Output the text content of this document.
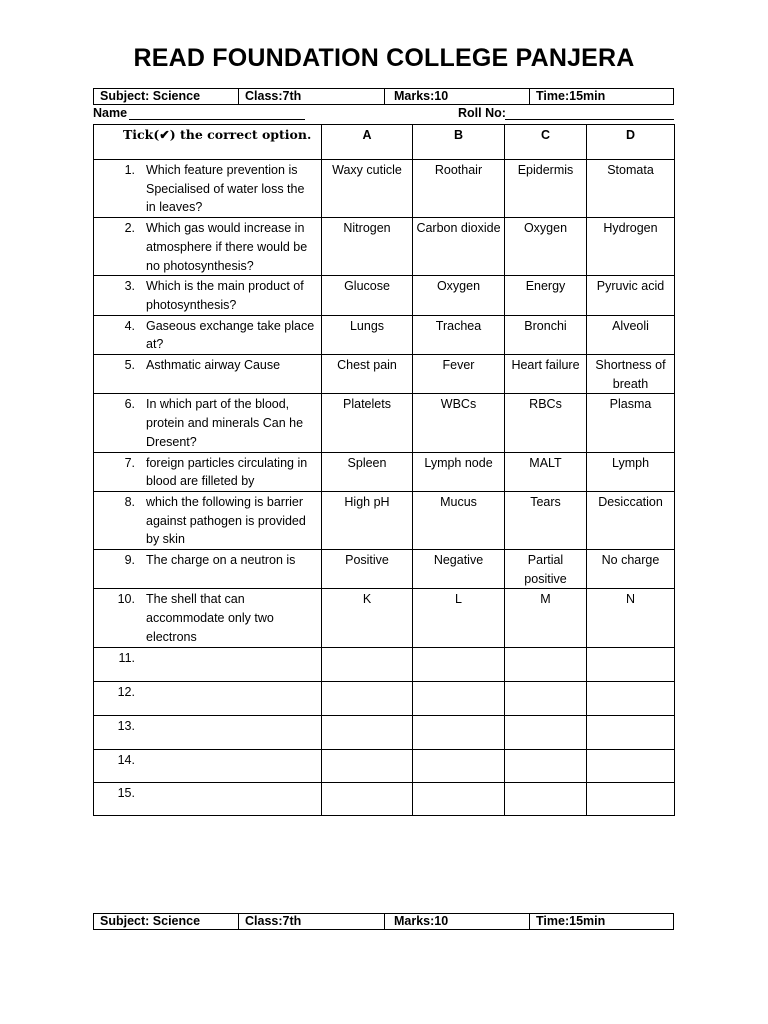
READ FOUNDATION COLLEGE PANJERA
Subject: Science	Class:7th	Marks:10	Time:15min
Name	Roll No:
Tick(✔) the correct option.	A	B	C	D

1. Which feature prevention is Specialised of water loss the in leaves?	Waxy cuticle	Roothair	Epidermis	Stomata

2. Which gas would increase in atmosphere if there would be no photosynthesis?	Nitrogen	Carbon dioxide	Oxygen	Hydrogen

3. Which is the main product of photosynthesis?	Glucose	Oxygen	Energy	Pyruvic acid

4. Gaseous exchange take place at?	Lungs	Trachea	Bronchi	Alveoli

5. Asthmatic airway Cause	Chest pain	Fever	Heart failure	Shortness of breath

6. In which part of the blood, protein and minerals Can he Dresent?	Platelets	WBCs	RBCs	Plasma

7. foreign particles circulating in blood are filleted by	Spleen	Lymph node	MALT	Lymph

8. which the following is barrier against pathogen is provided by skin	High pH	Mucus	Tears	Desiccation

9. The charge on a neutron is	Positive	Negative	Partial positive	No charge

10. The shell that can accommodate only two electrons	K	L	M	N

11.				

12.				

13.				

14.				

15.				

Subject: Science	Class:7th	Marks:10	Time:15min
